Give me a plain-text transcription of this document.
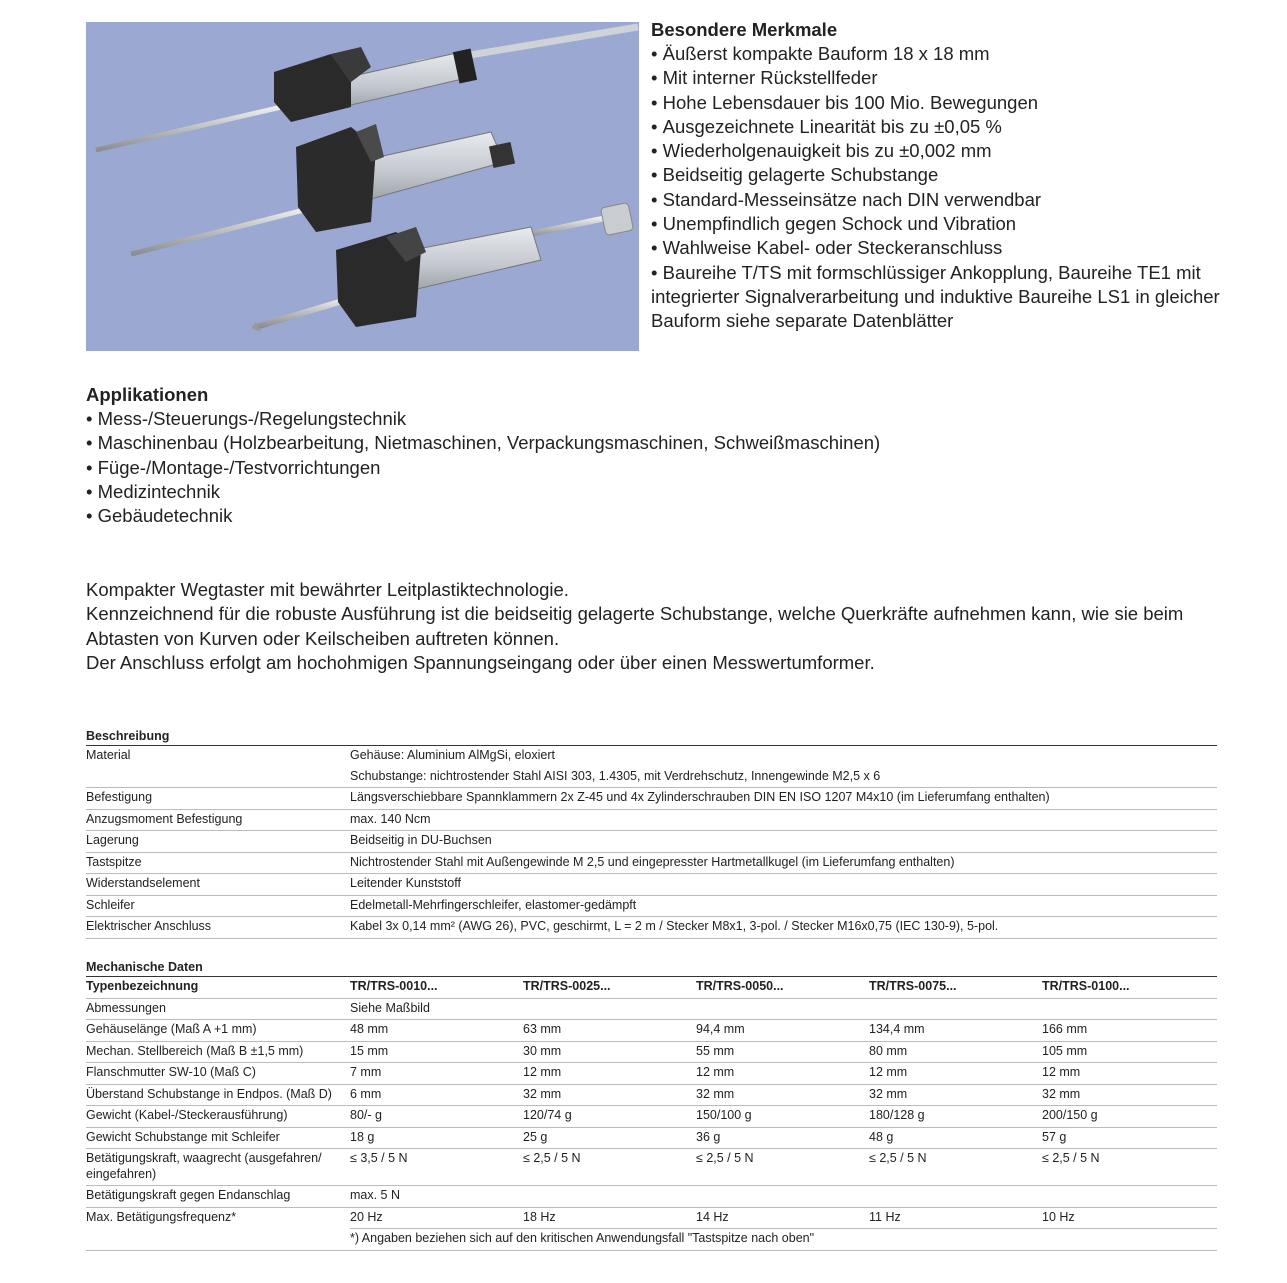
Besondere Merkmale
• Äußerst kompakte Bauform 18 x 18 mm
• Mit interner Rückstellfeder
• Hohe Lebensdauer bis 100 Mio. Bewegungen
• Ausgezeichnete Linearität bis zu ±0,05 %
• Wiederholgenauigkeit bis zu ±0,002 mm
• Beidseitig gelagerte Schubstange
• Standard-Messeinsätze nach DIN verwendbar
• Unempfindlich gegen Schock und Vibration
• Wahlweise Kabel- oder Steckeranschluss
• Baureihe T/TS mit formschlüssiger Ankopplung, Baureihe TE1 mit integrierter Signalverarbeitung und induktive Baureihe LS1 in gleicher Bauform siehe separate Datenblätter
Applikationen
• Mess-/Steuerungs-/Regelungstechnik
• Maschinenbau (Holzbearbeitung, Nietmaschinen, Verpackungsmaschinen, Schweißmaschinen)
• Füge-/Montage-/Testvorrichtungen
• Medizintechnik
• Gebäudetechnik

Kompakter Wegtaster mit bewährter Leitplastiktechnologie.

Kennzeichnend für die robuste Ausführung ist die beidseitig gelagerte Schubstange, welche Querkräfte aufnehmen kann, wie sie beim Abtasten von Kurven oder Keilscheiben auftreten können.

Der Anschluss erfolgt am hochohmigen Spannungseingang oder über einen Messwertumformer.

Beschreibung
Material	Gehäuse: Aluminium AlMgSi, eloxiert
	Schubstange: nichtrostender Stahl AISI 303, 1.4305, mit Verdrehschutz, Innengewinde M2,5 x 6
Befestigung	Längsverschiebbare Spannklammern 2x Z-45 und 4x Zylinderschrauben DIN EN ISO 1207 M4x10 (im Lieferumfang enthalten)
Anzugsmoment Befestigung	max. 140 Ncm
Lagerung	Beidseitig in DU-Buchsen
Tastspitze	Nichtrostender Stahl mit Außengewinde M 2,5 und eingepresster Hartmetallkugel (im Lieferumfang enthalten)
Widerstandselement	Leitender Kunststoff
Schleifer	Edelmetall-Mehrfingerschleifer, elastomer-gedämpft
Elektrischer Anschluss	Kabel 3x 0,14 mm² (AWG 26), PVC, geschirmt, L = 2 m / Stecker M8x1, 3-pol. / Stecker M16x0,75 (IEC 130-9), 5-pol.
Mechanische Daten
Typenbezeichnung	TR/TRS-0010...	TR/TRS-0025...	TR/TRS-0050...	TR/TRS-0075...	TR/TRS-0100...
Abmessungen	Siehe Maßbild				
Gehäuselänge (Maß A +1 mm)	48 mm	63 mm	94,4 mm	134,4 mm	166 mm
Mechan. Stellbereich (Maß B ±1,5 mm)	15 mm	30 mm	55 mm	80 mm	105 mm
Flanschmutter SW-10 (Maß C)	7 mm	12 mm	12 mm	12 mm	12 mm
Überstand Schubstange in Endpos. (Maß D)	6 mm	32 mm	32 mm	32 mm	32 mm
Gewicht (Kabel-/Steckerausführung)	80/- g	120/74 g	150/100 g	180/128 g	200/150 g
Gewicht Schubstange mit Schleifer	18 g	25 g	36 g	48 g	57 g
Betätigungskraft, waagrecht (ausgefahren/ eingefahren)	≤ 3,5 / 5 N	≤ 2,5 / 5 N	≤ 2,5 / 5 N	≤ 2,5 / 5 N	≤ 2,5 / 5 N
Betätigungskraft gegen Endanschlag	max. 5 N				
Max. Betätigungsfrequenz*	20 Hz	18 Hz	14 Hz	11 Hz	10 Hz
	*) Angaben beziehen sich auf den kritischen Anwendungsfall "Tastspitze nach oben"				
